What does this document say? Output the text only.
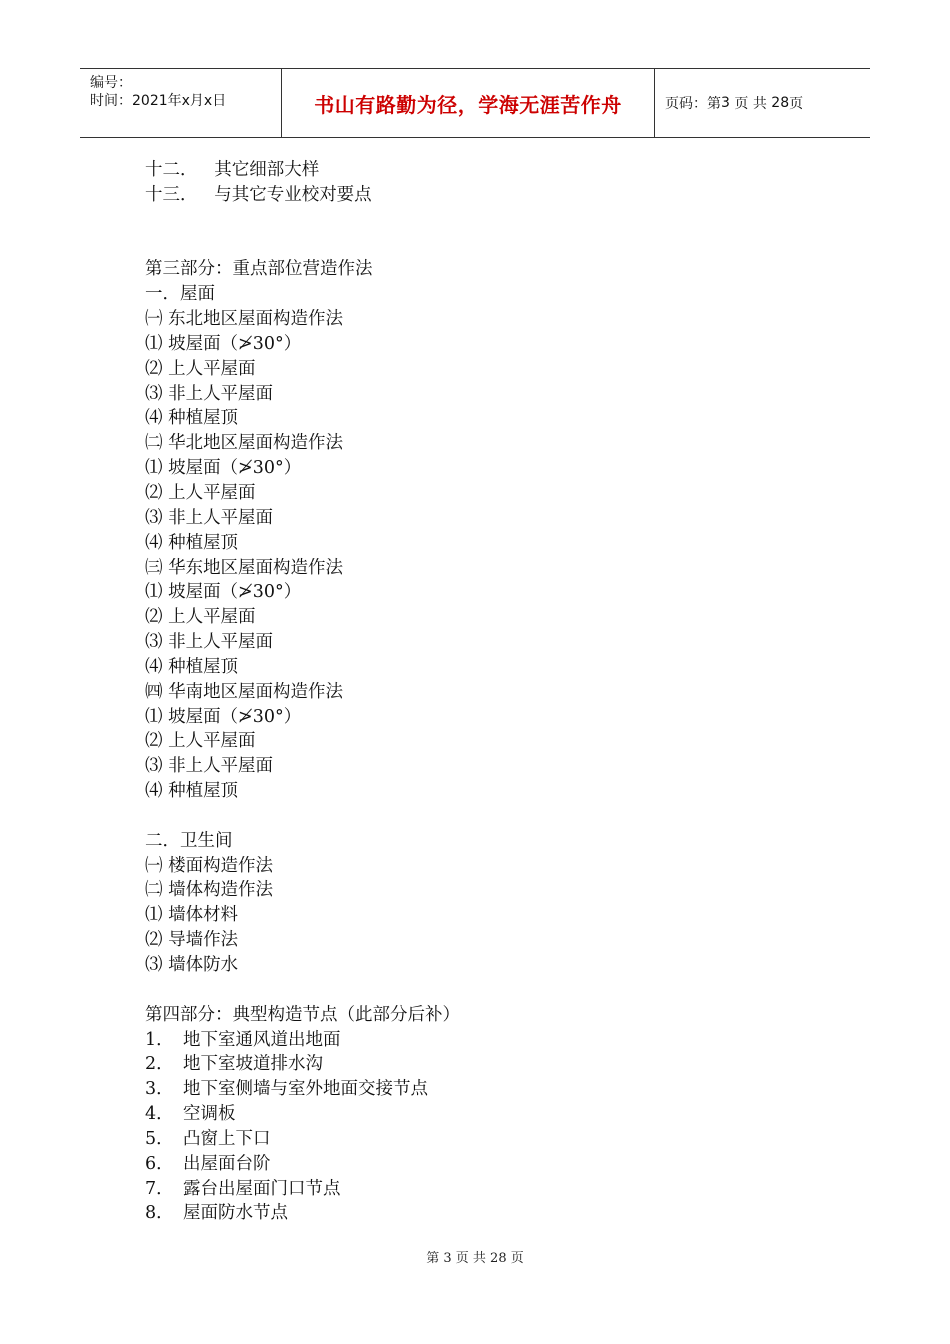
编号：
时间：2021年x月x日	书山有路勤为径，学海无涯苦作舟	页码：第 3
页 共
28 页
十二．   其它细部大样
十三．   与其它专业校对要点
第三部分：重点部位营造作法
一．屋面
㈠ 东北地区屋面构造作法
⑴ 坡屋面（≯30°）
⑵ 上人平屋面
⑶ 非上人平屋面
⑷ 种植屋顶
㈡ 华北地区屋面构造作法
⑴ 坡屋面（≯30°）
⑵ 上人平屋面
⑶ 非上人平屋面
⑷ 种植屋顶
㈢ 华东地区屋面构造作法
⑴ 坡屋面（≯30°）
⑵ 上人平屋面
⑶ 非上人平屋面
⑷ 种植屋顶
㈣ 华南地区屋面构造作法
⑴ 坡屋面（≯30°）
⑵ 上人平屋面
⑶ 非上人平屋面
⑷ 种植屋顶
二．卫生间
㈠ 楼面构造作法
㈡ 墙体构造作法
⑴ 墙体材料
⑵ 导墙作法
⑶ 墙体防水
第四部分：典型构造节点（此部分后补）
1． 地下室通风道出地面
2． 地下室坡道排水沟
3． 地下室侧墙与室外地面交接节点
4． 空调板
5． 凸窗上下口
6． 出屋面台阶
7． 露台出屋面门口节点
8． 屋面防水节点
第 3 页 共 28 页
